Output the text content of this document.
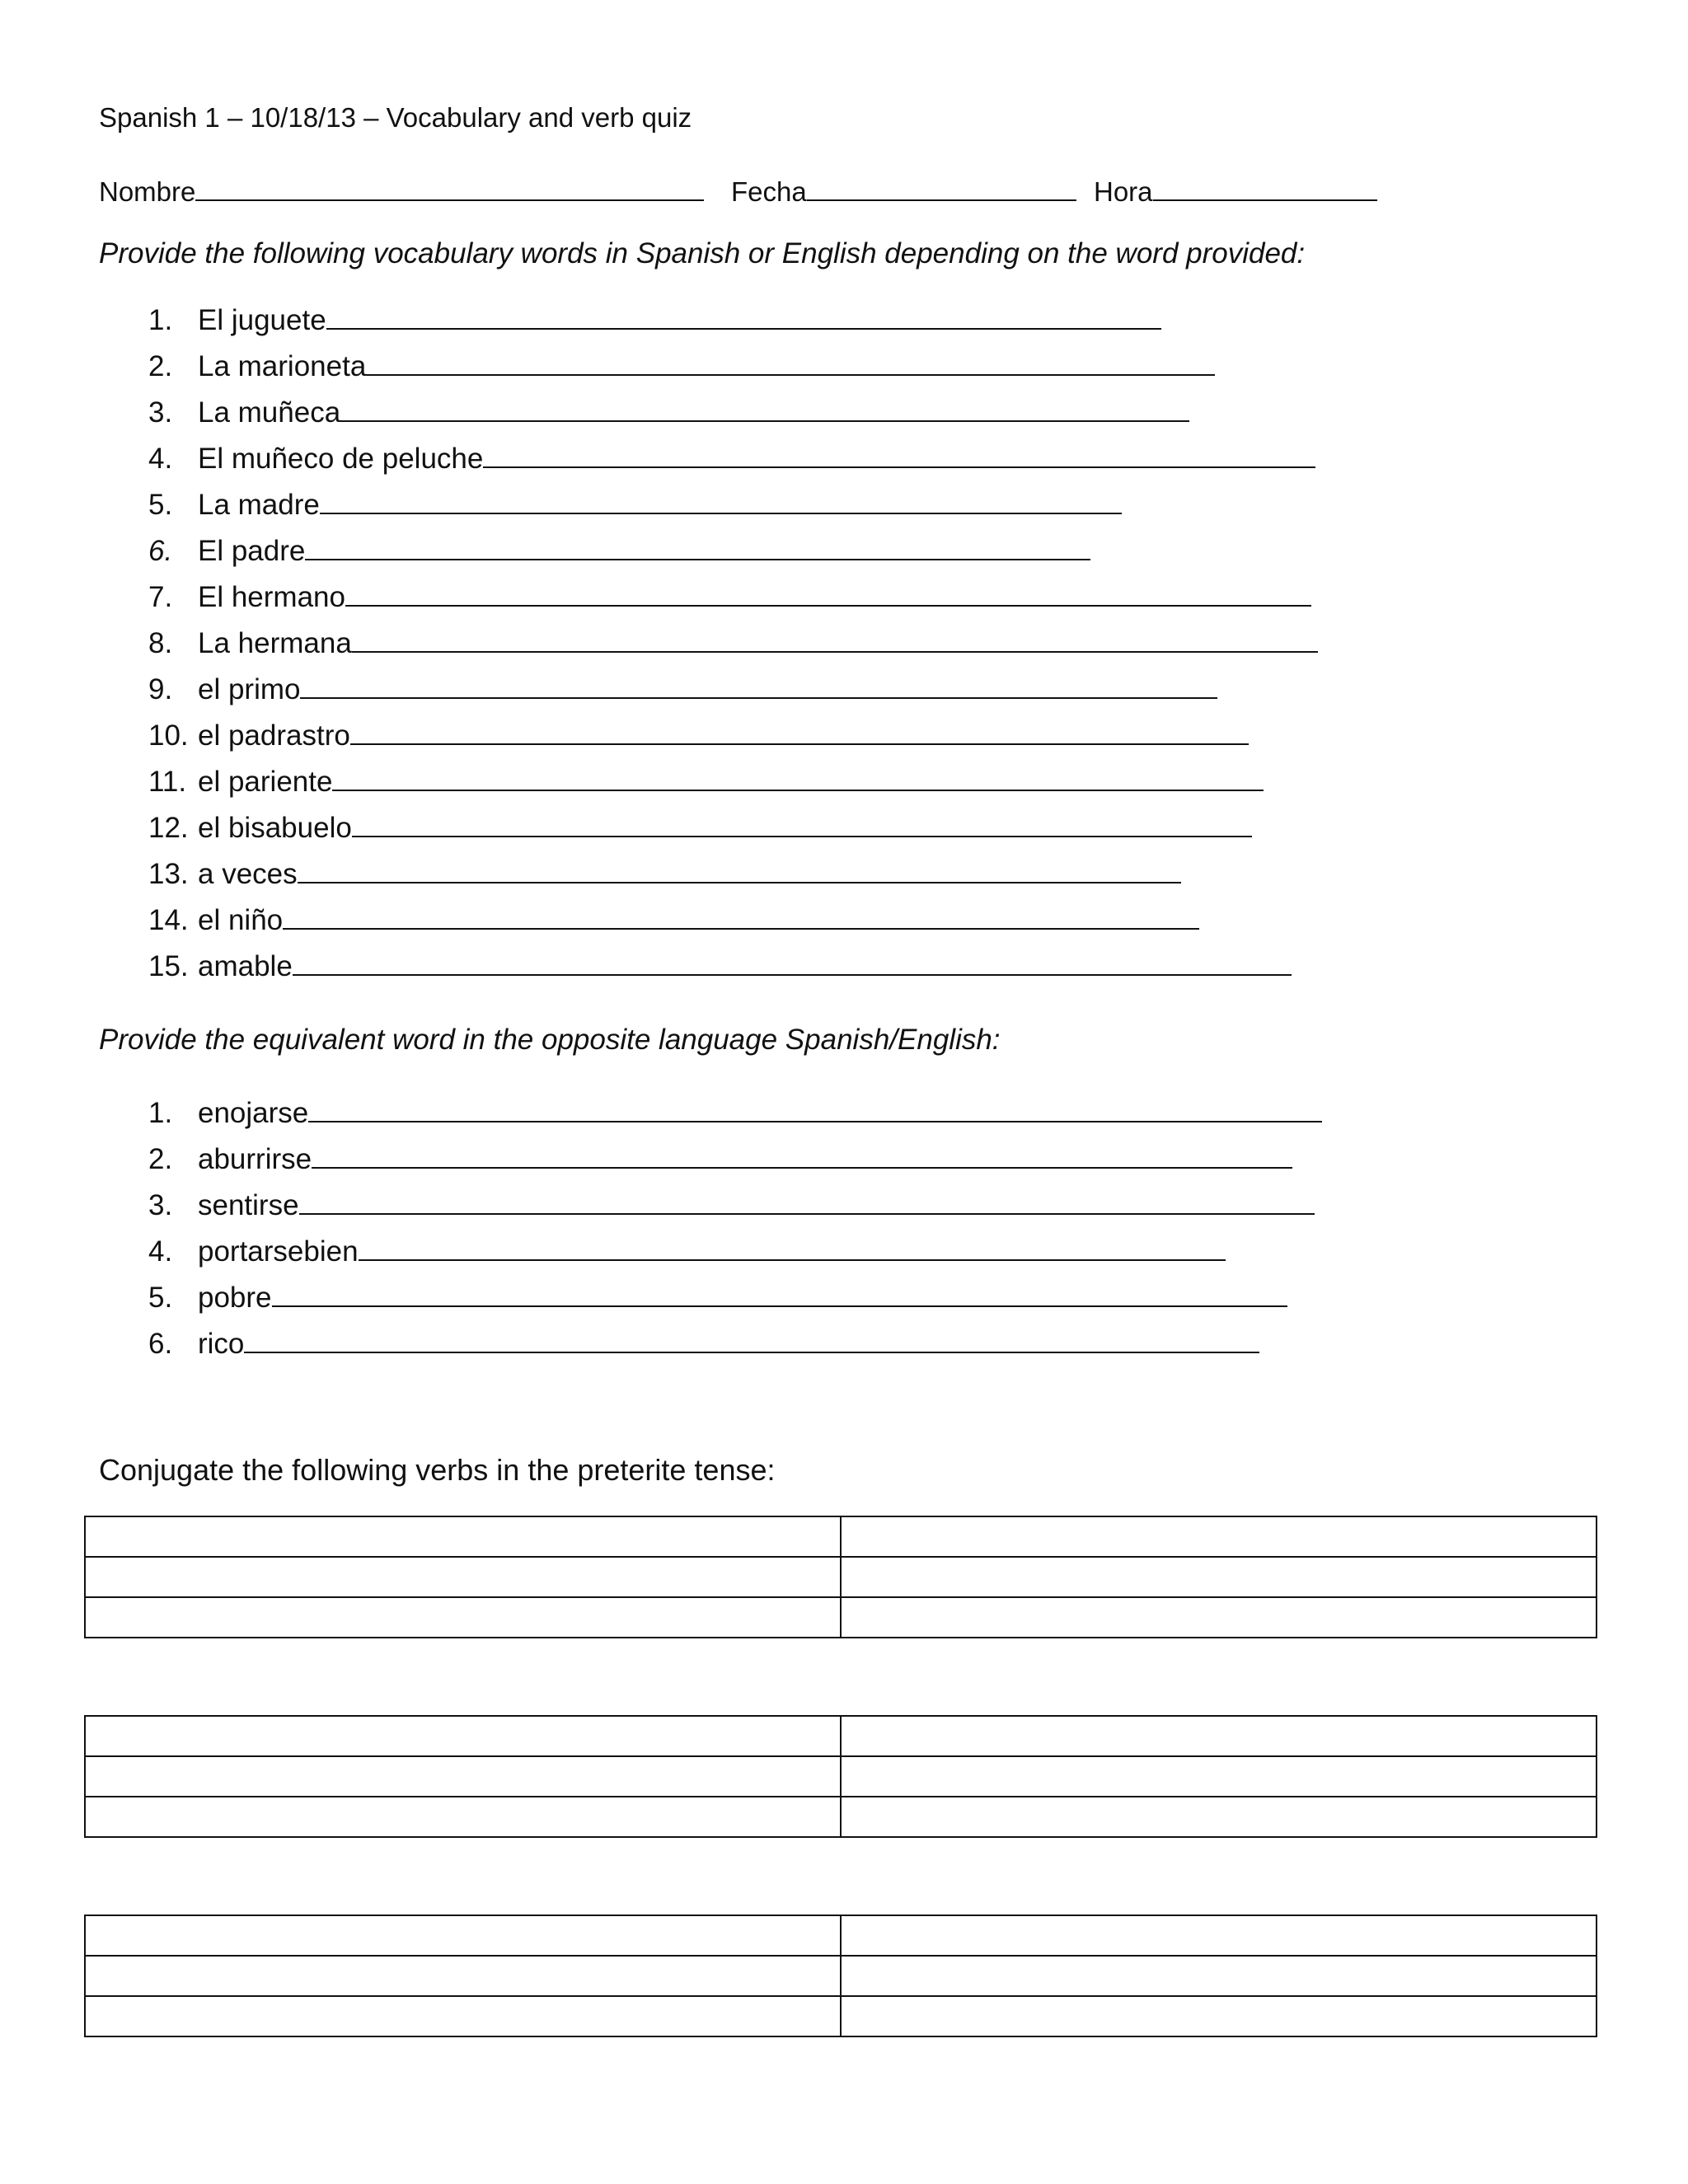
Spanish 1 – 10/18/13 – Vocabulary and verb quiz
Nombre	Fecha	Hora
Provide the following vocabulary words in Spanish or English depending on the word provided:
1. El juguete
2. La marioneta
3. La muñeca
4. El muñeco de peluche
5. La madre
6. El padre
7. El hermano
8. La hermana
9. el primo
10. el padrastro
11. el pariente
12. el bisabuelo
13. a veces
14. el niño
15. amable
Provide the equivalent word in the opposite language Spanish/English:
1. enojarse
2. aburrirse
3. sentirse
4. portarsebien
5. pobre
6. rico
Conjugate the following verbs in the preterite tense:
